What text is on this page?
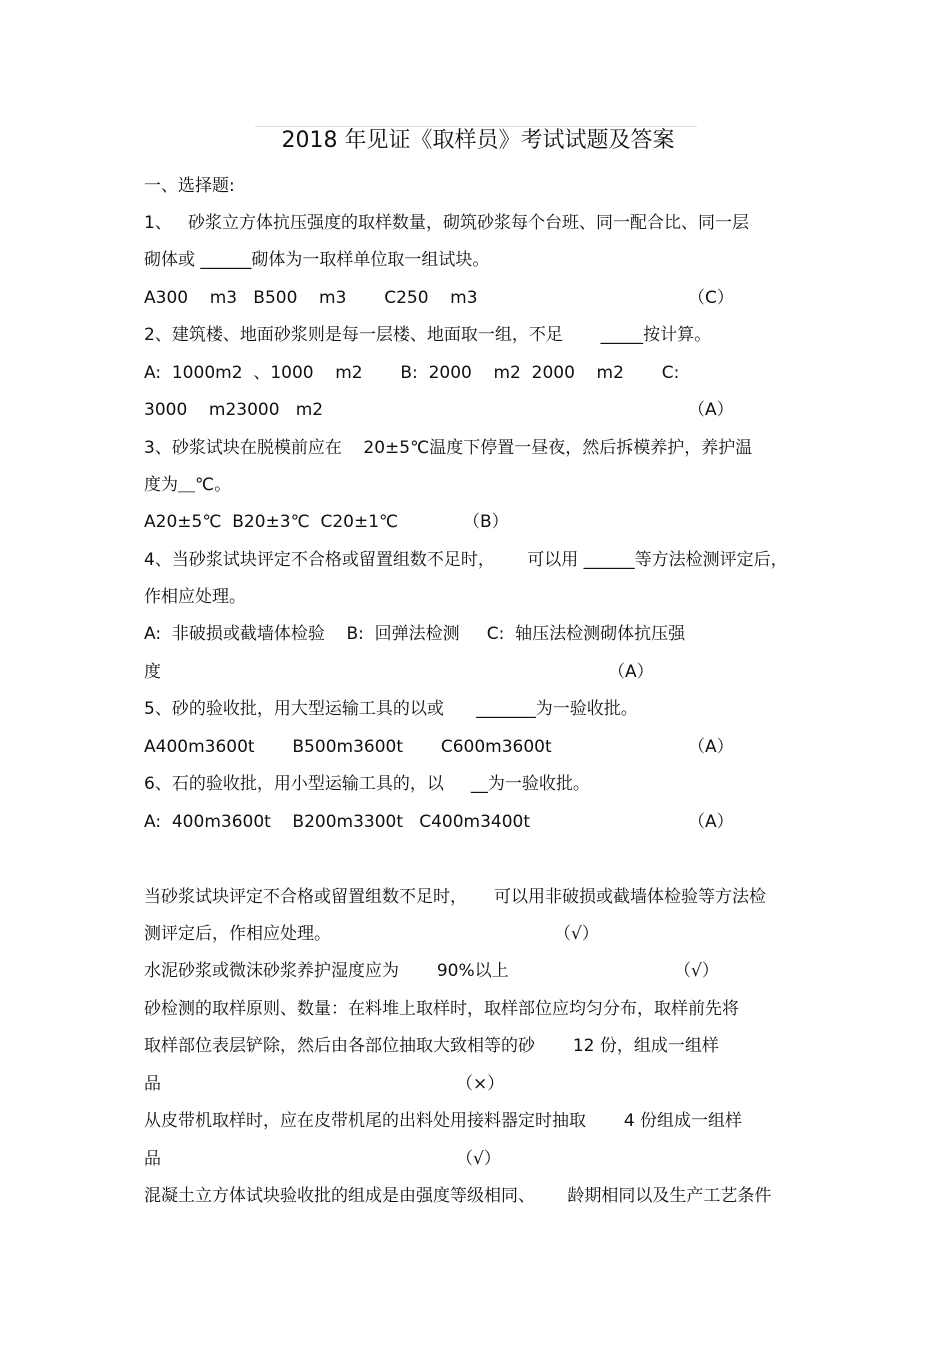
2018 年见证《取样员》考试试题及答案
一、选择题:
1、   砂浆立方体抗压强度的取样数量，砌筑砂浆每个台班、同一配合比、同一层
砌体或 ______砌体为一取样单位取一组试块。
A300    m3   B500    m3       C250    m3	（C）
2、建筑楼、地面砂浆则是每一层楼、地面取一组，不足       _____按计算。
A:  1000m2  、1000    m2       B:  2000    m2  2000    m2       C:
3000    m23000   m2	（A）
3、砂浆试块在脱模前应在    20±5℃温度下停置一昼夜，然后拆模养护，养护温
度为＿℃。
A20±5℃  B20±3℃  C20±1℃            （B）
4、当砂浆试块评定不合格或留置组数不足时，      可以用 ______等方法检测评定后，
作相应处理。
A:  非破损或截墙体检验    B:  回弹法检测     C:  轴压法检测砌体抗压强
度	（A）
5、砂的验收批，用大型运输工具的以或      _______为一验收批。
A400m3600t       B500m3600t       C600m3600t	（A）
6、石的验收批，用小型运输工具的，以     __为一验收批。
A:  400m3600t    B200m3300t   C400m3400t	（A）
当砂浆试块评定不合格或留置组数不足时，     可以用非破损或截墙体检验等方法检
测评定后，作相应处理。	（√）
水泥砂浆或微沫砂浆养护湿度应为       90%以上	（√）
砂检测的取样原则、数量：在料堆上取样时，取样部位应均匀分布，取样前先将
取样部位表层铲除，然后由各部位抽取大致相等的砂       12 份，组成一组样
品	（×）
从皮带机取样时，应在皮带机尾的出料处用接料器定时抽取       4 份组成一组样
品	（√）
混凝土立方体试块验收批的组成是由强度等级相同、      龄期相同以及生产工艺条件
